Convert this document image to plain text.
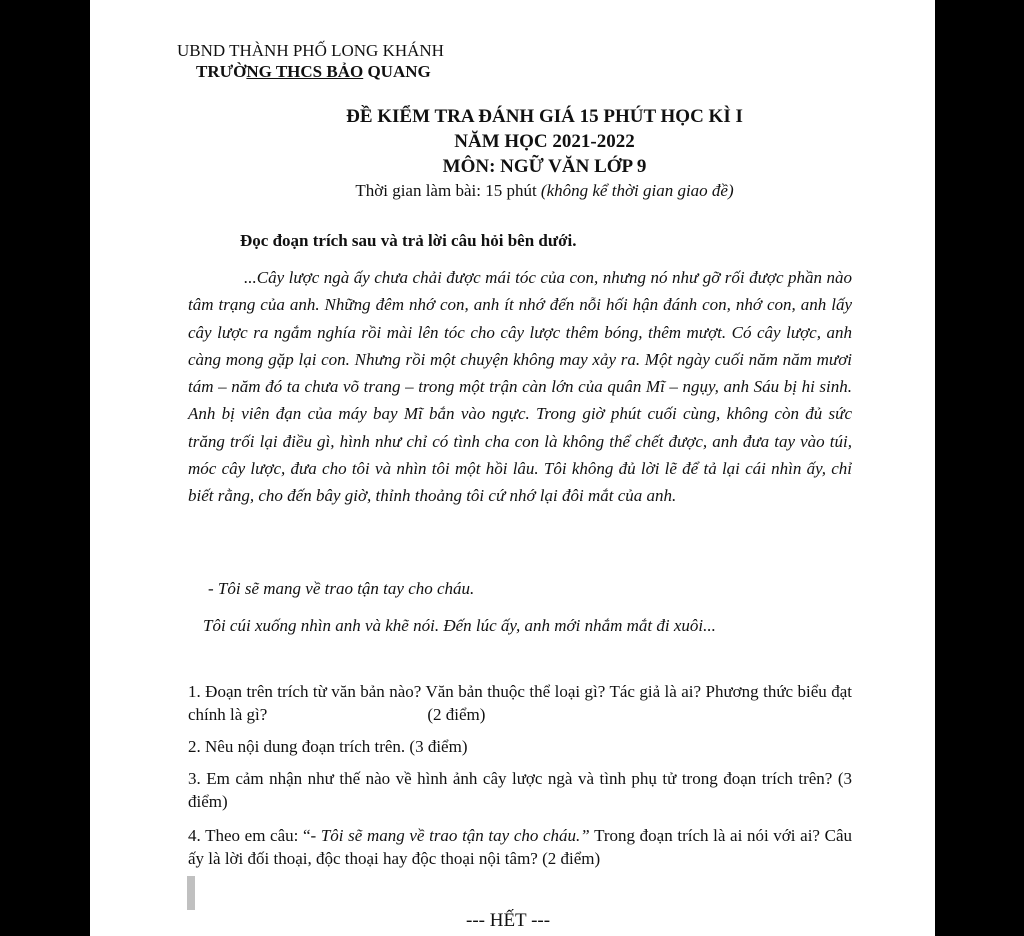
UBND THÀNH PHỐ LONG KHÁNH
TRƯỜNG THCS BẢO QUANG
ĐỀ KIỂM TRA ĐÁNH GIÁ 15 PHÚT HỌC KÌ I
NĂM HỌC 2021-2022
MÔN: NGỮ VĂN LỚP 9
Thời gian làm bài: 15 phút (không kể thời gian giao đề)
Đọc đoạn trích sau và trả lời câu hỏi bên dưới.

...Cây lược ngà ấy chưa chải được mái tóc của con, nhưng nó như gỡ rối được phần nào tâm trạng của anh. Những đêm nhớ con, anh ít nhớ đến nỗi hối hận đánh con, nhớ con, anh lấy cây lược ra ngắm nghía rồi mài lên tóc cho cây lược thêm bóng, thêm mượt. Có cây lược, anh càng mong gặp lại con. Nhưng rồi một chuyện không may xảy ra. Một ngày cuối năm năm mươi tám – năm đó ta chưa võ trang – trong một trận càn lớn của quân Mĩ – ngụy, anh Sáu bị hi sinh. Anh bị viên đạn của máy bay Mĩ bắn vào ngực. Trong giờ phút cuối cùng, không còn đủ sức trăng trối lại điều gì, hình như chỉ có tình cha con là không thể chết được, anh đưa tay vào túi, móc cây lược, đưa cho tôi và nhìn tôi một hồi lâu. Tôi không đủ lời lẽ để tả lại cái nhìn ấy, chỉ biết rằng, cho đến bây giờ, thỉnh thoảng tôi cứ nhớ lại đôi mắt của anh.

- Tôi sẽ mang về trao tận tay cho cháu.
Tôi cúi xuống nhìn anh và khẽ nói. Đến lúc ấy, anh mới nhắm mắt đi xuôi...

1. Đoạn trên trích từ văn bản nào? Văn bản thuộc thể loại gì? Tác giả là ai? Phương thức biểu đạt chính là gì?	(2 điểm)

2. Nêu nội dung đoạn trích trên. (3 điểm)

3. Em cảm nhận như thế nào về hình ảnh cây lược ngà và tình phụ tử trong đoạn trích trên? (3 điểm)

4. Theo em câu: “- Tôi sẽ mang về trao tận tay cho cháu.” Trong đoạn trích là ai nói với ai? Câu ấy là lời đối thoại, độc thoại hay độc thoại nội tâm? (2 điểm)

--- HẾT ---
